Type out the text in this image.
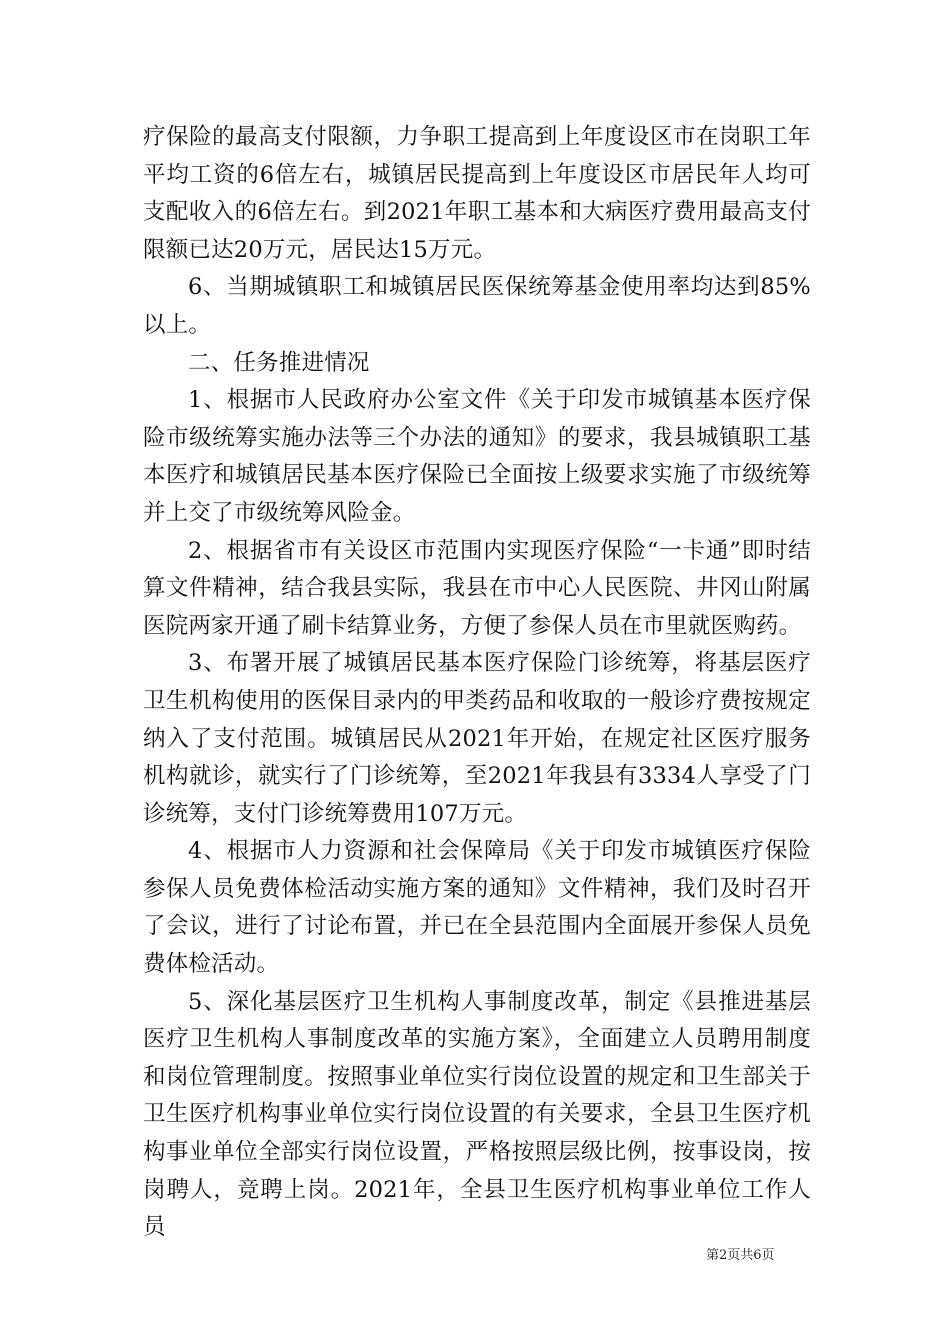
疗保险的最高支付限额，力争职工提高到上年度设区市在岗职工年平均工资的6倍左右，城镇居民提高到上年度设区市居民年人均可支配收入的6倍左右。到2021年职工基本和大病医疗费用最高支付限额已达20万元，居民达15万元。

6、当期城镇职工和城镇居民医保统筹基金使用率均达到85%以上。

二、任务推进情况

1、根据市人民政府办公室文件《关于印发市城镇基本医疗保险市级统筹实施办法等三个办法的通知》的要求，我县城镇职工基本医疗和城镇居民基本医疗保险已全面按上级要求实施了市级统筹并上交了市级统筹风险金。

2、根据省市有关设区市范围内实现医疗保险“一卡通”即时结算文件精神，结合我县实际，我县在市中心人民医院、井冈山附属医院两家开通了刷卡结算业务，方便了参保人员在市里就医购药。

3、布署开展了城镇居民基本医疗保险门诊统筹，将基层医疗卫生机构使用的医保目录内的甲类药品和收取的一般诊疗费按规定纳入了支付范围。城镇居民从2021年开始，在规定社区医疗服务机构就诊，就实行了门诊统筹，至2021年我县有3334人享受了门诊统筹，支付门诊统筹费用107万元。

4、根据市人力资源和社会保障局《关于印发市城镇医疗保险参保人员免费体检活动实施方案的通知》文件精神，我们及时召开了会议，进行了讨论布置，并已在全县范围内全面展开参保人员免费体检活动。

5、深化基层医疗卫生机构人事制度改革，制定《县推进基层医疗卫生机构人事制度改革的实施方案》，全面建立人员聘用制度和岗位管理制度。按照事业单位实行岗位设置的规定和卫生部关于卫生医疗机构事业单位实行岗位设置的有关要求，全县卫生医疗机构事业单位全部实行岗位设置，严格按照层级比例，按事设岗，按岗聘人，竞聘上岗。2021年，全县卫生医疗机构事业单位工作人员

第2页共6页
